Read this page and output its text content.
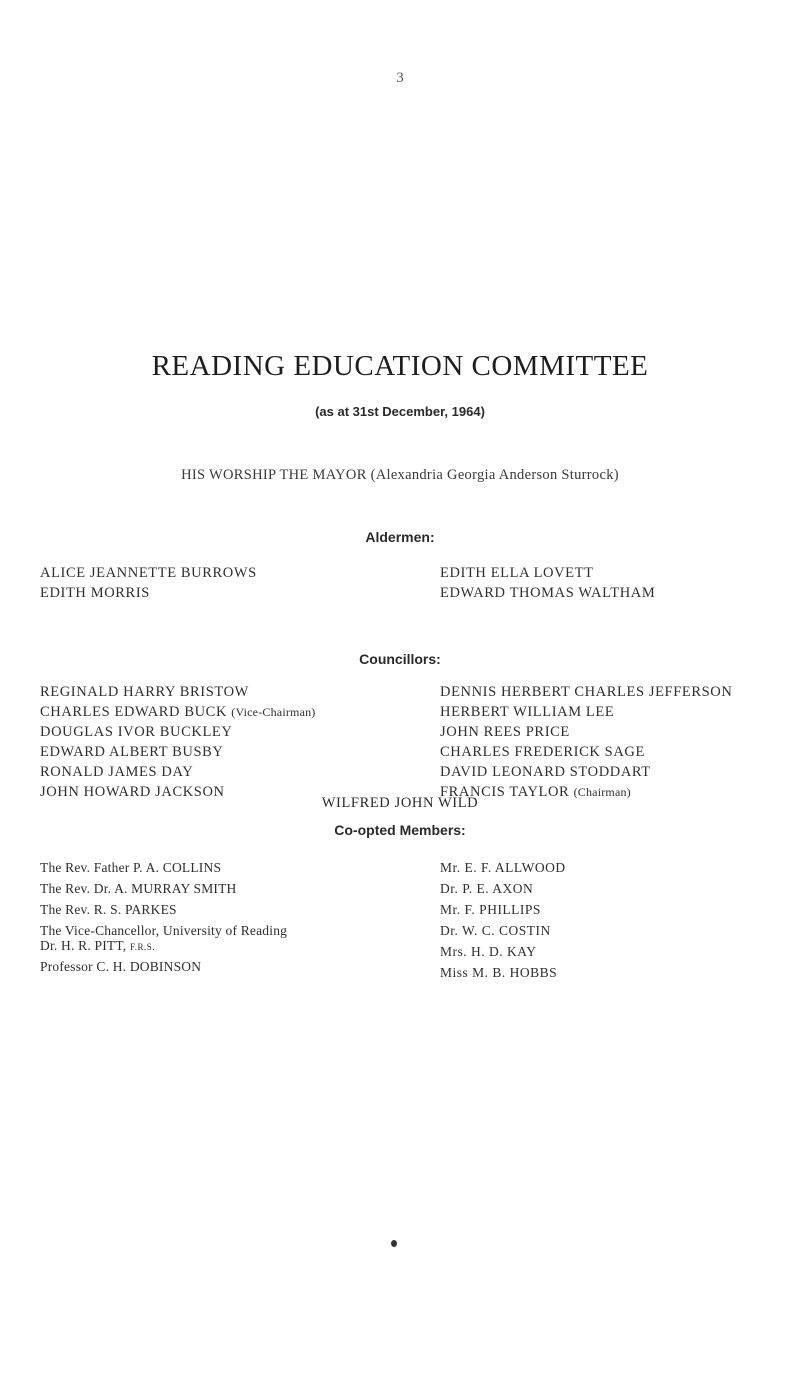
3
READING EDUCATION COMMITTEE
(as at 31st December, 1964)
HIS WORSHIP THE MAYOR (Alexandria Georgia Anderson Sturrock)
Aldermen:
ALICE JEANNETTE BURROWS
EDITH MORRIS
EDITH ELLA LOVETT
EDWARD THOMAS WALTHAM
Councillors:
REGINALD HARRY BRISTOW
CHARLES EDWARD BUCK (Vice-Chairman)
DOUGLAS IVOR BUCKLEY
EDWARD ALBERT BUSBY
RONALD JAMES DAY
JOHN HOWARD JACKSON
DENNIS HERBERT CHARLES JEFFERSON
HERBERT WILLIAM LEE
JOHN REES PRICE
CHARLES FREDERICK SAGE
DAVID LEONARD STODDART
FRANCIS TAYLOR (Chairman)
WILFRED JOHN WILD
Co-opted Members:
The Rev. Father P. A. COLLINS
The Rev. Dr. A. MURRAY SMITH
The Rev. R. S. PARKES
The Vice-Chancellor, University of Reading
Dr. H. R. PITT, F.R.S.
Professor C. H. DOBINSON
Mr. E. F. ALLWOOD
Dr. P. E. AXON
Mr. F. PHILLIPS
Dr. W. C. COSTIN
Mrs. H. D. KAY
Miss M. B. HOBBS
